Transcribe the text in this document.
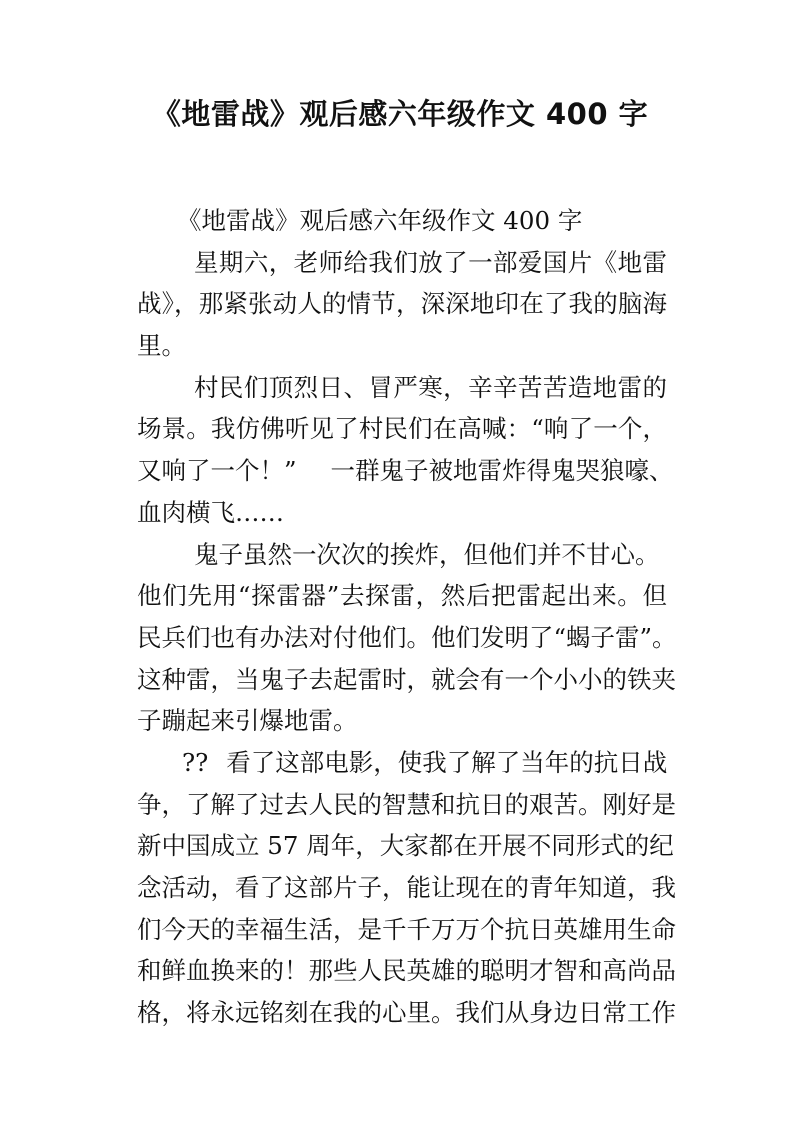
《地雷战》观后感六年级作文 400 字
《地雷战》观后感六年级作文 400 字
星期六，老师给我们放了一部爱国片《地雷
战》，那紧张动人的情节，深深地印在了我的脑海
里。
村民们顶烈日、冒严寒，辛辛苦苦造地雷的
场景。我仿佛听见了村民们在高喊：“响了一个，
又响了一个！” 一群鬼子被地雷炸得鬼哭狼嚎、
血肉横飞……
鬼子虽然一次次的挨炸，但他们并不甘心。
他们先用“探雷器”去探雷，然后把雷起出来。但
民兵们也有办法对付他们。他们发明了“蝎子雷”。
这种雷，当鬼子去起雷时，就会有一个小小的铁夹
子蹦起来引爆地雷。
?? 看了这部电影，使我了解了当年的抗日战
争，了解了过去人民的智慧和抗日的艰苦。刚好是
新中国成立 57 周年，大家都在开展不同形式的纪
念活动，看了这部片子，能让现在的青年知道，我
们今天的幸福生活，是千千万万个抗日英雄用生命
和鲜血换来的！那些人民英雄的聪明才智和高尚品
格，将永远铭刻在我的心里。我们从身边日常工作
